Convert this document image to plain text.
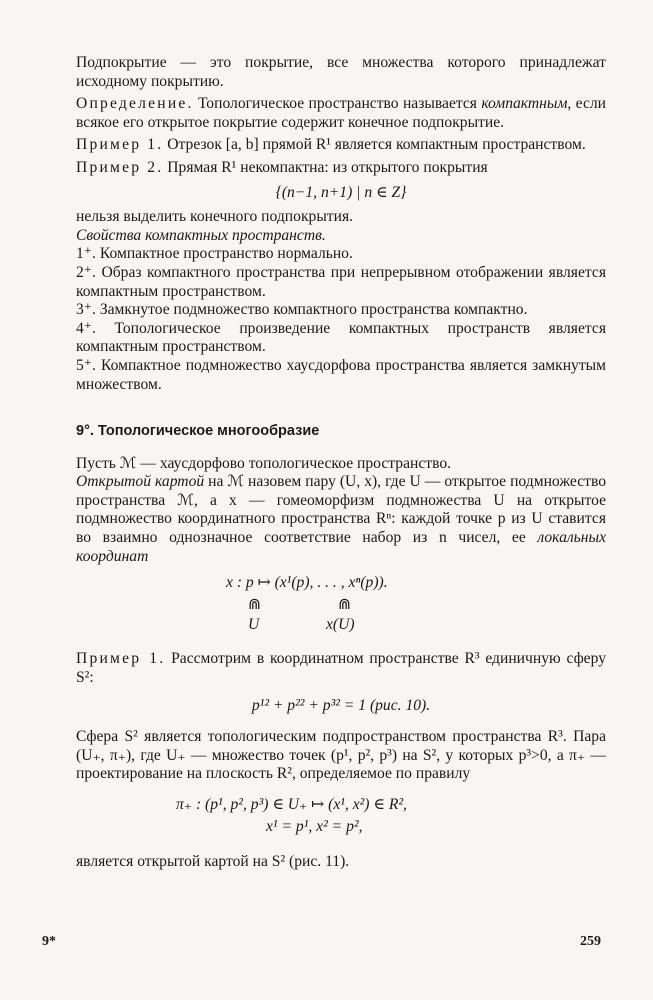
Подпокрытие — это покрытие, все множества которого принадлежат исходному покрытию.

Определение. Топологическое пространство называется компактным, если всякое его открытое покрытие содержит конечное подпокрытие.

Пример 1. Отрезок [a, b] прямой R¹ является компактным пространством.

Пример 2. Прямая R¹ некомпактна: из открытого покрытия

{(n−1, n+1) | n ∈ Z}

нельзя выделить конечного подпокрытия.

Свойства компактных пространств.

1⁺. Компактное пространство нормально.

2⁺. Образ компактного пространства при непрерывном отображении является компактным пространством.

3⁺. Замкнутое подмножество компактного пространства компактно.

4⁺. Топологическое произведение компактных пространств является компактным пространством.

5⁺. Компактное подмножество хаусдорфова пространства является замкнутым множеством.

9°. Топологическое многообразие

Пусть ℳ — хаусдорфово топологическое пространство.

Открытой картой на ℳ назовем пару (U, x), где U — открытое подмножество пространства ℳ, а x — гомеоморфизм подмножества U на открытое подмножество координатного пространства Rⁿ: каждой точке p из U ставится во взаимно однозначное соответствие набор из n чисел, ее локальных координат

x : p ↦ (x¹(p), . . . , xⁿ(p)).
⋒	⋒
U	x(U)

Пример 1. Рассмотрим в координатном пространстве R³ единичную сферу S²:

p¹² + p²² + p³² = 1 (рис. 10).

Сфера S² является топологическим подпространством пространства R³. Пара (U₊, π₊), где U₊ — множество точек (p¹, p², p³) на S², у которых p³>0, а π₊ — проектирование на плоскость R², определяемое по правилу

π₊ : (p¹, p², p³) ∈ U₊ ↦ (x¹, x²) ∈ R²,
x¹ = p¹, x² = p²,

является открытой картой на S² (рис. 11).

9*	259
